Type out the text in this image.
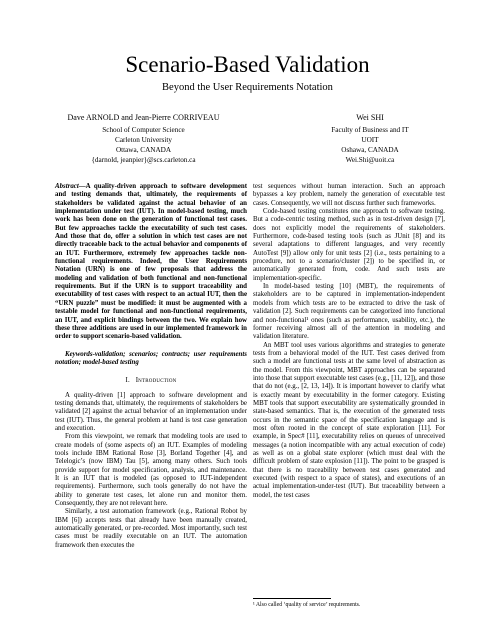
Scenario-Based Validation
Beyond the User Requirements Notation
Dave ARNOLD and Jean-Pierre CORRIVEAU
School of Computer Science
Carleton University
Ottawa, CANADA
{darnold, jeanpier}@scs.carleton.ca
Wei SHI
Faculty of Business and IT
UOIT
Oshawa, CANADA
Wei.Shi@uoit.ca

Abstract—A quality-driven approach to software development and testing demands that, ultimately, the requirements of stakeholders be validated against the actual behavior of an implementation under test (IUT). In model-based testing, much work has been done on the generation of functional test cases. But few approaches tackle the executability of such test cases. And those that do, offer a solution in which test cases are not directly traceable back to the actual behavior and components of an IUT. Furthermore, extremely few approaches tackle non-functional requirements. Indeed, the User Requirements Notation (URN) is one of few proposals that address the modeling and validation of both functional and non-functional requirements. But if the URN is to support traceability and executability of test cases with respect to an actual IUT, then the “URN puzzle” must be modified: it must be augmented with a testable model for functional and non-functional requirements, an IUT, and explicit bindings between the two. We explain how these three additions are used in our implemented framework in order to support scenario-based validation.

Keywords-validation; scenarios; contracts; user requirements notation; model-based testing

I. Introduction

A quality-driven [1] approach to software development and testing demands that, ultimately, the requirements of stakeholders be validated [2] against the actual behavior of an implementation under test (IUT). Thus, the general problem at hand is test case generation and execution.

From this viewpoint, we remark that modeling tools are used to create models of (some aspects of) an IUT. Examples of modeling tools include IBM Rational Rose [3], Borland Together [4], and Telelogic’s (now IBM) Tau [5], among many others. Such tools provide support for model specification, analysis, and maintenance. It is an IUT that is modeled (as opposed to IUT-independent requirements). Furthermore, such tools generally do not have the ability to generate test cases, let alone run and monitor them. Consequently, they are not relevant here.

Similarly, a test automation framework (e.g., Rational Robot by IBM [6]) accepts tests that already have been manually created, automatically generated, or pre-recorded. Most importantly, such test cases must be readily executable on an IUT. The automation framework then executes the

test sequences without human interaction. Such an approach bypasses a key problem, namely the generation of executable test cases. Consequently, we will not discuss further such frameworks.

Code-based testing constitutes one approach to software testing. But a code-centric testing method, such as in test-driven design [7], does not explicitly model the requirements of stakeholders. Furthermore, code-based testing tools (such as JUnit [8] and its several adaptations to different languages, and very recently AutoTest [9]) allow only for unit tests [2] (i.e., tests pertaining to a procedure, not to a scenario/cluster [2]) to be specified in, or automatically generated from, code. And such tests are implementation-specific.

In model-based testing [10] (MBT), the requirements of stakeholders are to be captured in implementation-independent models from which tests are to be extracted to drive the task of validation [2]. Such requirements can be categorized into functional and non-functional¹ ones (such as performance, usability, etc.), the former receiving almost all of the attention in modeling and validation literature.

An MBT tool uses various algorithms and strategies to generate tests from a behavioral model of the IUT. Test cases derived from such a model are functional tests at the same level of abstraction as the model. From this viewpoint, MBT approaches can be separated into those that support executable test cases (e.g., [11, 12]), and those that do not (e.g., [2, 13, 14]). It is important however to clarify what is exactly meant by executability in the former category. Existing MBT tools that support executability are systematically grounded in state-based semantics. That is, the execution of the generated tests occurs in the semantic space of the specification language and is most often rooted in the concept of state exploration [11]. For example, in Spec# [11], executability relies on queues of unreceived messages (a notion incompatible with any actual execution of code) as well as on a global state explorer (which must deal with the difficult problem of state explosion [11]). The point to be grasped is that there is no traceability between test cases generated and executed (with respect to a space of states), and executions of an actual implementation-under-test (IUT). But traceability between a model, the test cases

¹ Also called ‘quality of service’ requirements.
